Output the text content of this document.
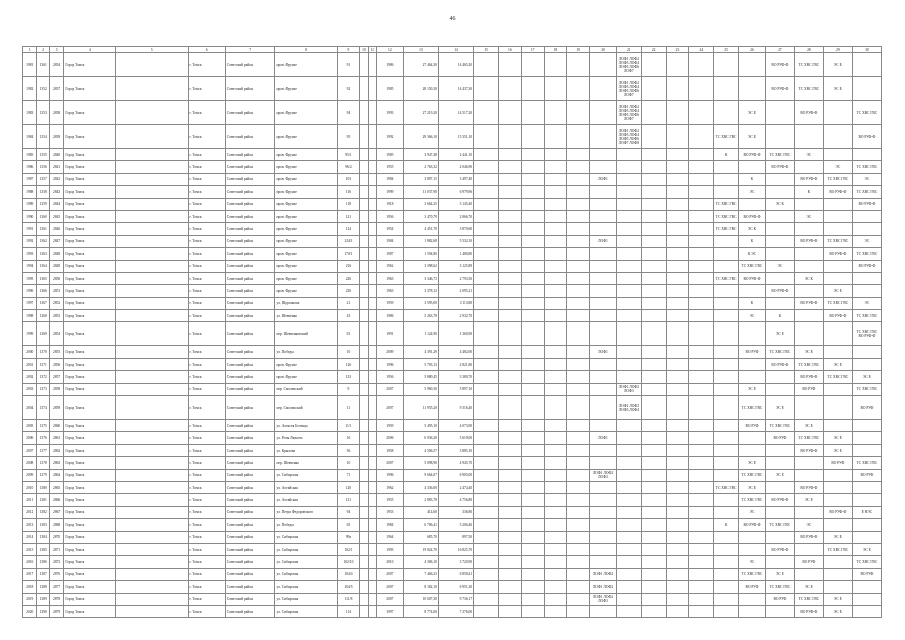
46
1	2	3	4	5	6	7	8	9	10	11	12	13	14	15	16	17	18	19	20	21	22	23	24	25	26	27	28	29	30
1981	1361	2834	Город Томск		г. Томск	Советский район	пров. Фрунзе	91			1986	27 464,30	14 465,20							ЛОФ1 ЛОФ2 ЛОФ3 ЛОФ4 ЛОФ5 ЛОФ6 ЛОФ7						ВО РУФ-Ф	ТС ХВС ГВС	ЭС Е	
1982	1352	2837	Город Томск		г. Томск	Советский район	пров. Фрунзе	92			1985	28 150,30	14 437,30							ЛОФ1 ЛОФ2 ЛОФ3 ЛОФ4 ЛОФ5 ЛОФ6 ЛОФ7						ВО РУФ-Ф	ТС ХВС ГВС	ЭС Е	
1983	1353	2838	Город Томск		г. Томск	Советский район	пров. Фрунзе	94			1993	27 219,20	14 517,20							ЛОФ1 ЛОФ2 ЛОФ3 ЛОФ4 ЛОФ5 ЛОФ6 ЛОФ7					ЭС Е		ВО РУФ-Ф		ТС ХВС ГВС
1984	1354	2839	Город Томск		г. Томск	Советский район	пров. Фрунзе	95			1992	29 366,10	15 351,10							ЛОФ1 ЛОФ2 ЛОФ3 ЛОФ4 ЛОФ5 ЛОФ6 ЛОФ7 ЛОФ8				ТС ХВС ГВС	ЭС Е				ВО РУФ-Ф
1985	1355	2840	Город Томск		г. Томск	Советский район	пров. Фрунзе	95/1			1985	3 947,48	2 441,10											К	ВО РУФ-Ф	ТС ХВС ГВС	ЭС		
1986	1356	2841	Город Томск		г. Томск	Советский район	пров. Фрунзе	96/2			1955	2 763,32	2 046,90													ВО РУФ-Ф		ЭС	ТС ХВС ГВС
1987	1357	2842	Город Томск		г. Томск	Советский район	пров. Фрунзе	103			1984	3 807,15	3 497,40						ЛОФ1						К		ВО РУФ-Ф	ТС ХВС ГВС	ЭС
1988	1358	2843	Город Томск		г. Томск	Советский район	пров. Фрунзе	116			1999	11 037,90	6 979,96												ЭС		К	ВО РУФ-Ф	ТС ХВС ГВС
1989	1359	2844	Город Томск		г. Томск	Советский район	пров. Фрунзе	118			1918	3 664,25	3 145,40											ТС ХВС ГВС		ЭС К			ВО РУФ-Ф
1990	1360	2845	Город Томск		г. Томск	Советский район	пров. Фрунзе	121			1956	3 470,79	2 866,70											ТС ХВС ГВС	ВО РУФ-Ф		ЭС		
1991	1361	2846	Город Томск		г. Томск	Советский район	пров. Фрунзе	124			1954	4 451,70	3 870,60											ТС ХВС ГВС	ЭС К				
1992	1362	2847	Город Томск		г. Томск	Советский район	пров. Фрунзе	124/1			1984	1 882,68	5 532,10						ЛОФ1						К		ВО РУФ-Ф	ТС ХВС ГВС	ЭС
1993	1363	2848	Город Томск		г. Томск	Советский район	пров. Фрунзе	170/1			1987	1 594,80	1 480,80												К ЭС			ВО РУФ-Ф	ТС ХВС ГВС
1994	1364	2849	Город Томск		г. Томск	Советский район	пров. Фрунзе	216			1962	3 398,62	3 125,89												ТС ХВС ГВС	ЭС			ВО РУФ-Ф
1995	1365	2850	Город Томск		г. Томск	Советский район	пров. Фрунзе	226			1963	3 346,73	2 793,50											ТС ХВС ГВС	ВО РУФ-Ф		ЭС К		
1996	1366	2851	Город Томск		г. Томск	Советский район	пров. Фрунзе	230			1963	3 378,12	2 095,21													ВО РУФ-Ф		ЭС Е	
1997	1367	2852	Город Томск		г. Томск	Советский район	ул. Щорсинова	21			1959	3 595,00	3 113,80												К		ВО РУФ-Ф	ТС ХВС ГВС	ЭС
1998	1368	2853	Город Томск		г. Томск	Советский район	ул. Шевченко	43			1986	5 263,78	2 932,70												ЭС	К		ВО РУФ-Ф	ТС ХВС ГВС
1999	1369	2854	Город Томск		г. Томск	Советский район	пер. Шевченковский	3/1			1991	1 124,90	1 360,90													ЭС Е			ТС ХВС ГВС ВО РУФ-Ф
2000	1370	2855	Город Томск		г. Томск	Советский район	ул. Победы	10			2009	4 391,29	4 482,00						ЛОФ1						ВО РУФ	ТС ХВС ГВС	ЭС Е		
2001	1371	2856	Город Томск		г. Томск	Советский район	пров. Фрунзе	126			1996	5 703,13	2 821,80													ВО РУФ-Ф	ТС ХВС ГВС	ЭС Е	
2002	1372	2857	Город Томск		г. Томск	Советский район	пров. Фрунзе	133			1956	5 880,45	3 380,70														ВО РУФ-Ф	ТС ХВС ГВС	ЭС Е
2003	1373	2858	Город Томск		г. Томск	Советский район	пер. Смоленский	9			2007	5 960,30	5 897,10							ЛОФ1 ЛОФ2 ЛОФ3					ЭС Е		ВО РУФ		ТС ХВС ГВС
2004	1374	2859	Город Томск		г. Томск	Советский район	пер. Смоленский	11			2007	11 955,20	9 316,40							ЛОФ1 ЛОФ2 ЛОФ3 ЛОФ4					ТС ХВС ГВС	ЭС Е			ВО РУФ
2005	1375	2860	Город Томск		г. Томск	Советский район	ул. Алексея Беленца	11/1			1959	5 495,10	4 073,90												ВО РУФ	ТС ХВС ГВС	ЭС Е		
2006	1376	2861	Город Томск		г. Томск	Советский район	ул. Розы Люксем	16			2006	6 936,20	5 619,00						ЛОФ1							ВО РУФ	ТС ХВС ГВС	ЭС Е	
2007	1377	2862	Город Томск		г. Томск	Советский район	ул. Крылова	56			1958	4 506,57	3 885,10														ВО РУФ-Ф	ЭС Е	
2008	1378	2863	Город Томск		г. Томск	Советский район	пер. Шевченко	10			2007	5 098,90	4 945,70												ЭС Е			ВО РУФ	ТС ХВС ГВС
2009	1379	2864	Город Томск		г. Томск	Советский район	ул. Сибирская	71			1996	9 664,07	6 905,00						ЛОФ1 ЛОФ2 ЛОФ3						ТС ХВС ГВС	ЭС Е			ВО РУФ
2010	1380	2865	Город Томск		г. Томск	Советский район	ул. Алтайская	120			1962	4 336,00	2 474,40											ТС ХВС ГВС	ЭС Е		ВО РУФ-Ф		
2011	1381	2866	Город Томск		г. Томск	Советский район	ул. Алтайская	131			1955	2 883,78	4 756,80												ТС ХВС ГВС	ВО РУФ-Ф	ЭС Е		
2012	1382	2867	Город Томск		г. Томск	Советский район	ул. Петра Федоровского	94			1953	414,60	336,80												ЭС			ВО РУФ-Ф	Е НЭС
2013	1383	2868	Город Томск		г. Томск	Советский район	ул. Победы	65			1984	6 706,41	5 206,40											К	ВО РУФ-Ф	ТС ХВС ГВС	ЭС		
2014	1384	2870	Город Томск		г. Томск	Советский район	ул. Сибирская	99а			1964	685,70	897,50														ВО РУФ-Ф	ЭС Е	
2015	1385	2871	Город Томск		г. Томск	Советский район	ул. Сибирская	102/1			1993	19 824,70	16 825,70													ВО РУФ-Ф		ТС ХВС ГВС	ЭС Е
2016	1386	2872	Город Томск		г. Томск	Советский район	ул. Сибирская	102/10			2010	4 306,10	3 720,90												ЭС		ВО РУФ		ТС ХВС ГВС
2017	1387	2876	Город Томск		г. Томск	Советский район	ул. Сибирская	104/4			2007	7 466,23	6 858,41						ЛОФ1 ЛОФ2						ТС ХВС ГВС	ЭС Е			ВО РУФ
2018	1388	2877	Город Томск		г. Томск	Советский район	ул. Сибирская	104/5			2007	8 182,10	6 951,30						ЛОФ1 ЛОФ2						ВО РУФ	ТС ХВС ГВС	ЭС Е		
2019	1389	2878	Город Томск		г. Томск	Советский район	ул. Сибирская	111/8			2007	10 607,30	9 736,17						ЛОФ1 ЛОФ2 ЛОФ3							ВО РУФ	ТС ХВС ГВС	ЭС Е	
2020	1390	2879	Город Томск		г. Томск	Советский район	ул. Сибирская	114			1997	8 774,00	7 276,00														ВО РУФ-Ф	ЭС Е	
